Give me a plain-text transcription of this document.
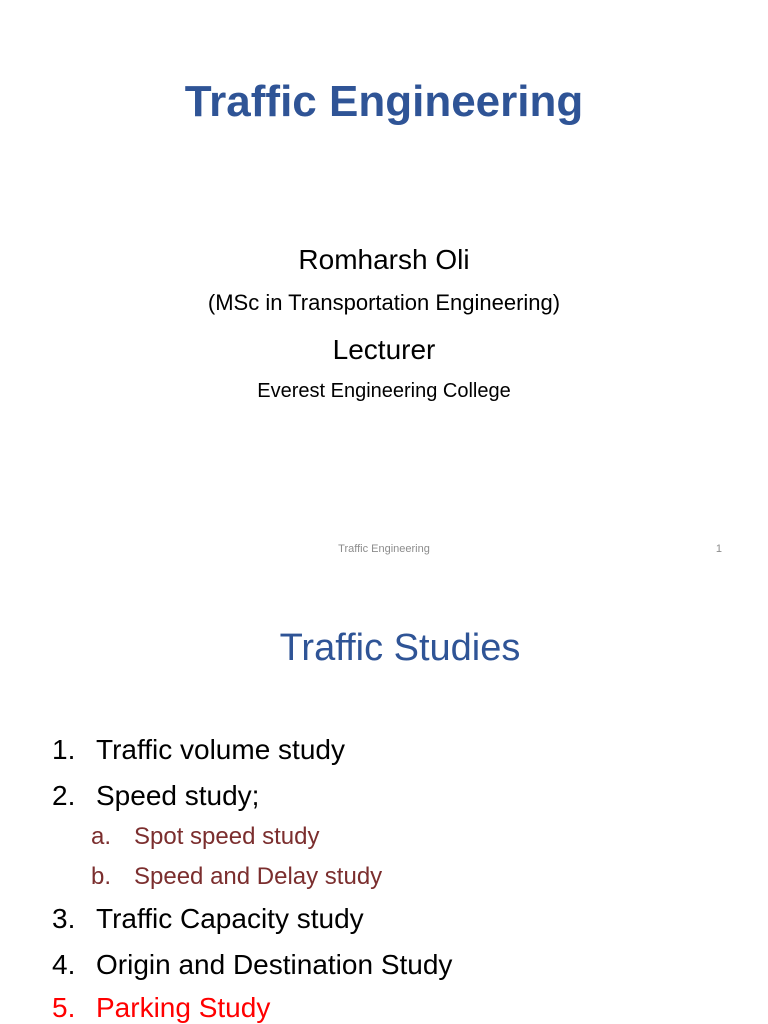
Traffic Engineering
Romharsh Oli
(MSc in Transportation Engineering)
Lecturer
Everest Engineering College
Traffic Engineering	1
Traffic Studies
1. Traffic volume study
2. Speed study;
a. Spot speed study
b. Speed and Delay study
3. Traffic Capacity study
4. Origin and Destination Study
5. Parking Study
